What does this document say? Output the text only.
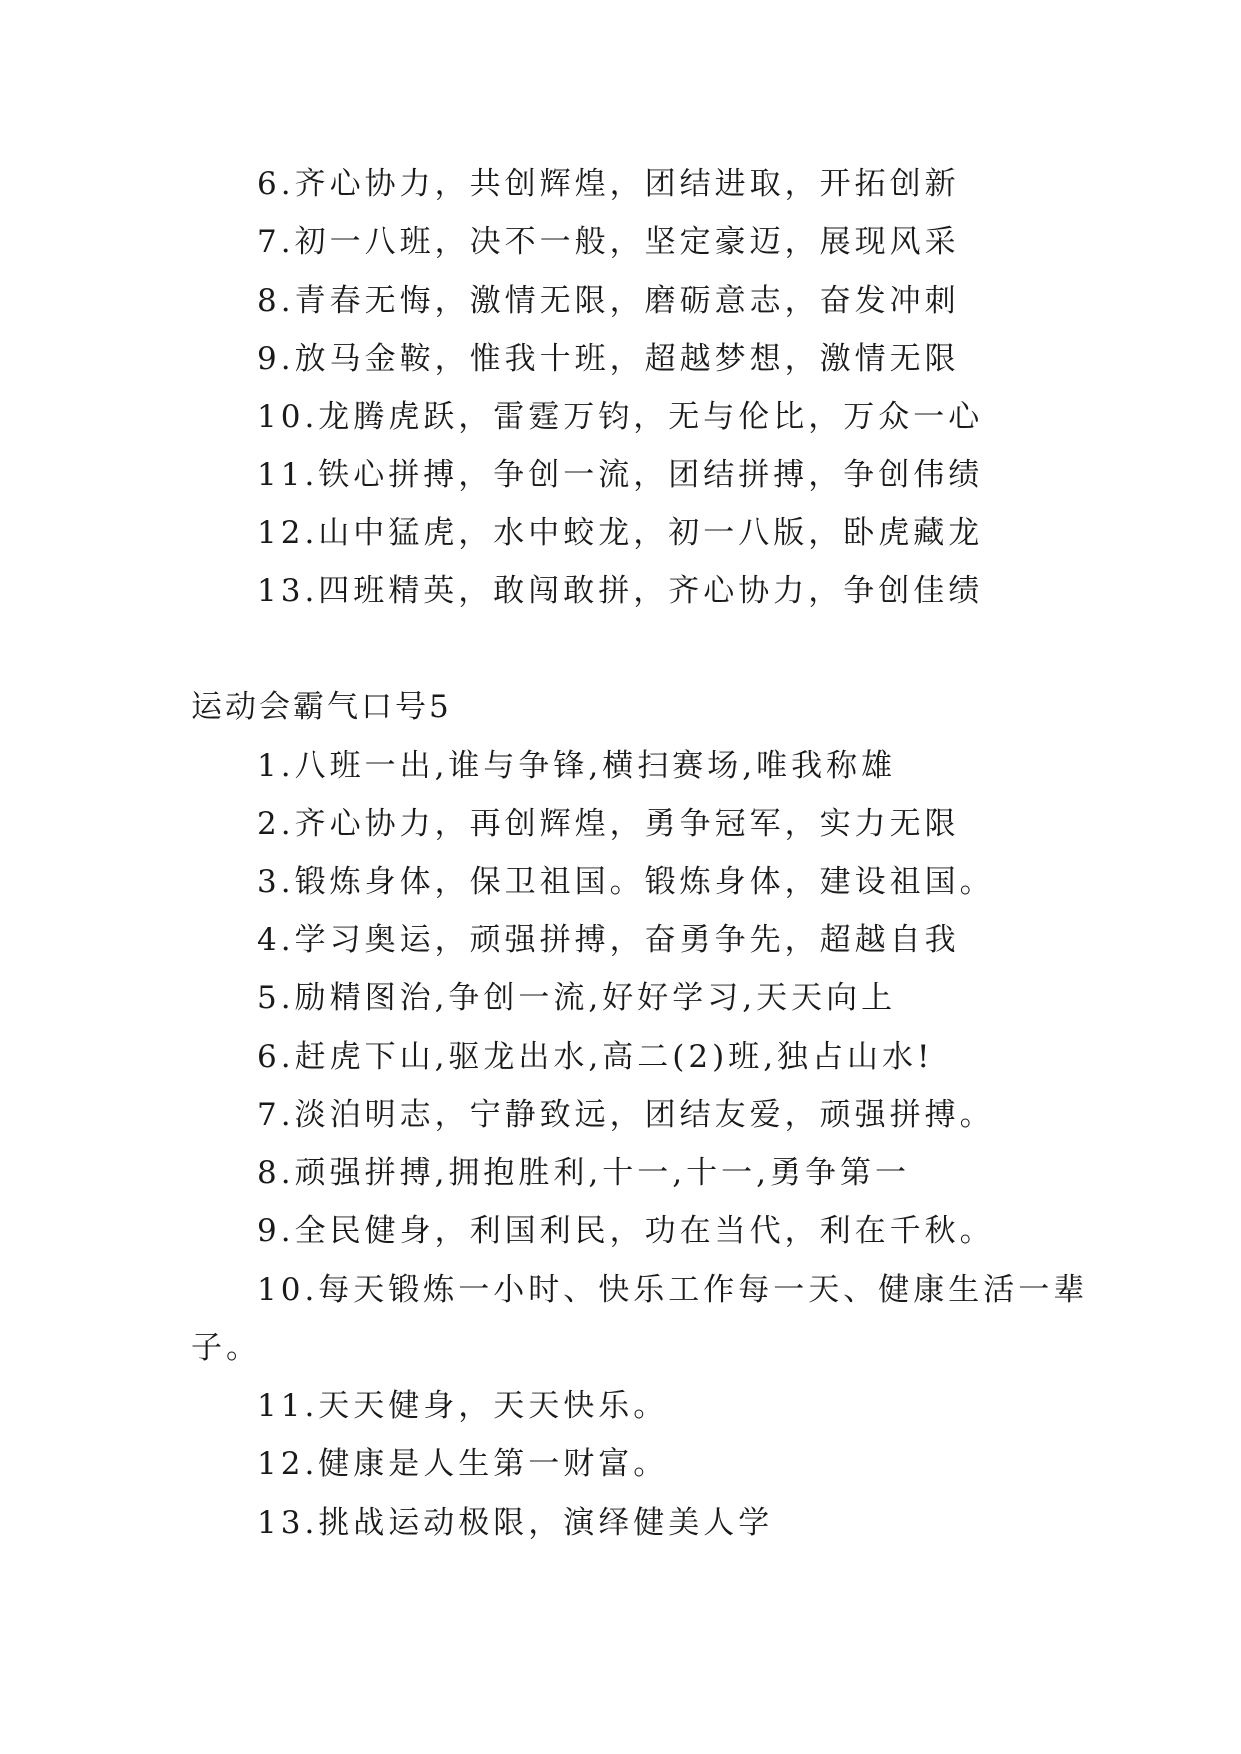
6.齐心协力，共创辉煌，团结进取，开拓创新
7.初一八班，决不一般，坚定豪迈，展现风采
8.青春无悔，激情无限，磨砺意志，奋发冲刺
9.放马金鞍，惟我十班，超越梦想，激情无限
10.龙腾虎跃，雷霆万钧，无与伦比，万众一心
11.铁心拼搏，争创一流，团结拼搏，争创伟绩
12.山中猛虎，水中蛟龙，初一八版，卧虎藏龙
13.四班精英，敢闯敢拼，齐心协力，争创佳绩
运动会霸气口号5
1.八班一出,谁与争锋,横扫赛场,唯我称雄
2.齐心协力，再创辉煌，勇争冠军，实力无限
3.锻炼身体，保卫祖国。锻炼身体，建设祖国。
4.学习奥运，顽强拼搏，奋勇争先，超越自我
5.励精图治,争创一流,好好学习,天天向上
6.赶虎下山,驱龙出水,高二(2)班,独占山水!
7.淡泊明志，宁静致远，团结友爱，顽强拼搏。
8.顽强拼搏,拥抱胜利,十一,十一,勇争第一
9.全民健身，利国利民，功在当代，利在千秋。
10.每天锻炼一小时、快乐工作每一天、健康生活一辈
子。
11.天天健身，天天快乐。
12.健康是人生第一财富。
13.挑战运动极限，演绎健美人学
